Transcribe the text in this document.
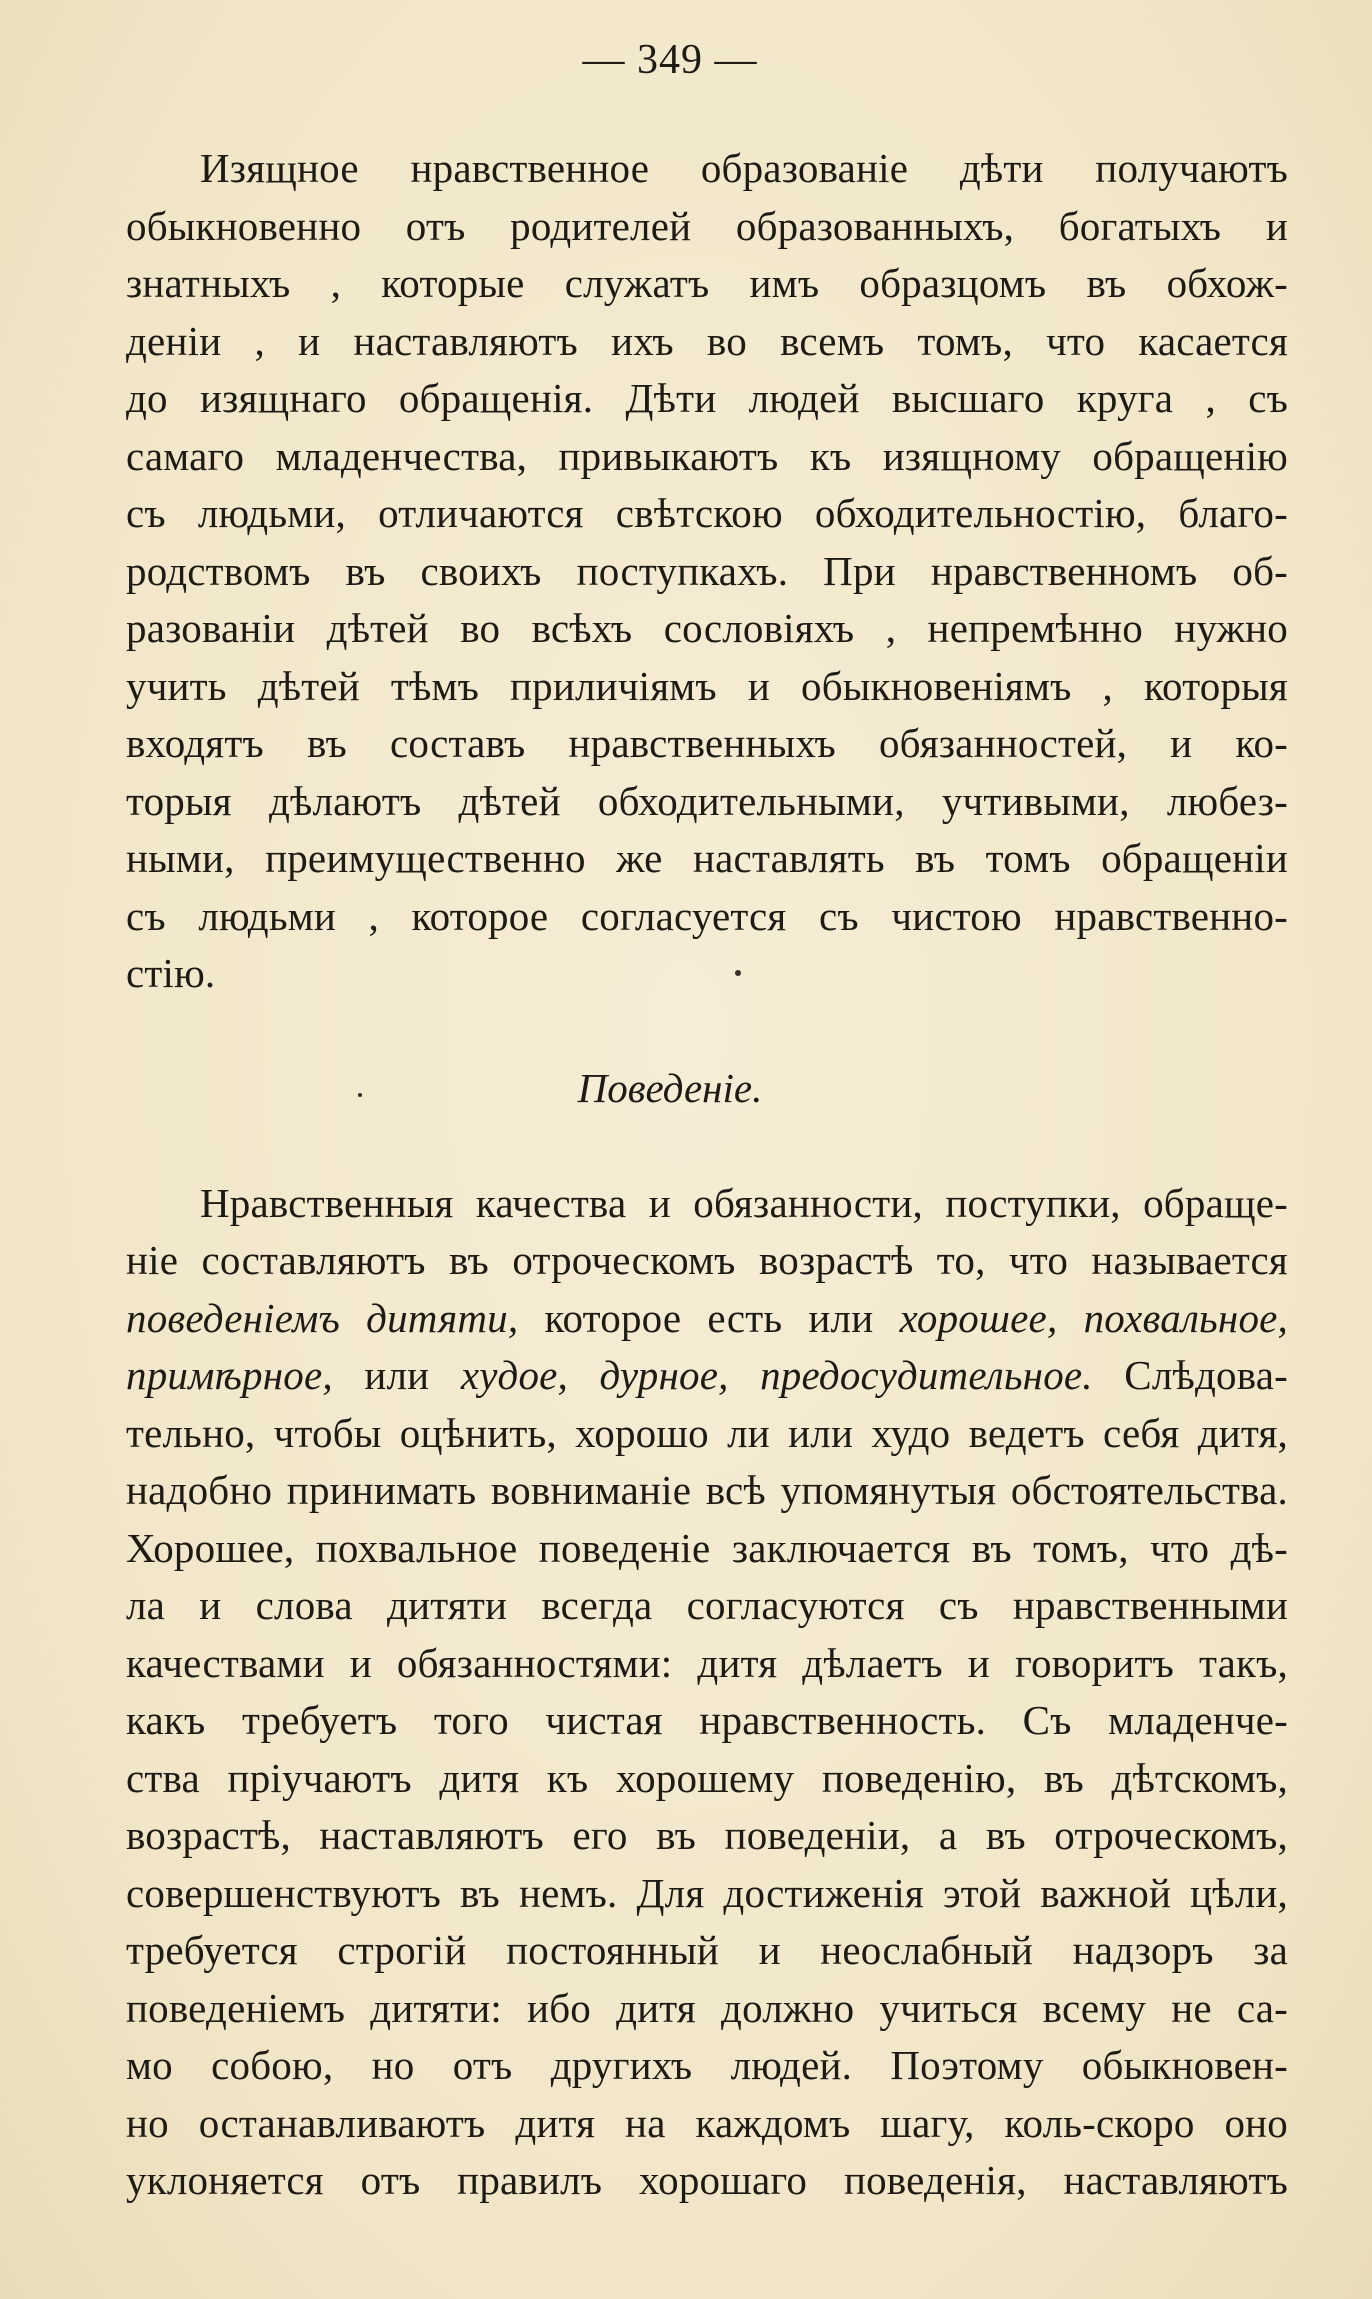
— 349 —
Изящное нравственное образованіе дѣти получаютъ
обыкновенно отъ родителей образованныхъ, богатыхъ и
знатныхъ , которые служатъ имъ образцомъ въ обхож-
деніи , и наставляютъ ихъ во всемъ томъ, что касается
до изящнаго обращенія. Дѣти людей высшаго круга , съ
самаго младенчества, привыкаютъ къ изящному обращенію
съ людьми, отличаются свѣтскою обходительностію, благо-
родствомъ въ своихъ поступкахъ. При нравственномъ об-
разованіи дѣтей во всѣхъ сословіяхъ , непремѣнно нужно
учить дѣтей тѣмъ приличіямъ и обыкновеніямъ , которыя
входятъ въ составъ нравственныхъ обязанностей, и ко-
торыя дѣлаютъ дѣтей обходительными, учтивыми, любез-
ными, преимущественно же наставлять въ томъ обращеніи
съ людьми , которое согласуется съ чистою нравственно-
стію.
Поведеніе.
Нравственныя качества и обязанности, поступки, обраще-
ніе составляютъ въ отроческомъ возрастѣ то, что называется
поведеніемъ дитяти, которое есть или хорошее, похвальное,
примѣрное, или худое, дурное, предосудительное. Слѣдова-
тельно, чтобы оцѣнить, хорошо ли или худо ведетъ себя дитя,
надобно принимать вовниманіе всѣ упомянутыя обстоятельства.
Хорошее, похвальное поведеніе заключается въ томъ, что дѣ-
ла и слова дитяти всегда согласуются съ нравственными
качествами и обязанностями: дитя дѣлаетъ и говоритъ такъ,
какъ требуетъ того чистая нравственность. Съ младенче-
ства пріучаютъ дитя къ хорошему поведенію, въ дѣтскомъ,
возрастѣ, наставляютъ его въ поведеніи, а въ отроческомъ,
совершенствуютъ въ немъ. Для достиженія этой важной цѣли,
требуется строгій постоянный и неослабный надзоръ за
поведеніемъ дитяти: ибо дитя должно учиться всему не са-
мо собою, но отъ другихъ людей. Поэтому обыкновен-
но останавливаютъ дитя на каждомъ шагу, коль-скоро оно
уклоняется отъ правилъ хорошаго поведенія, наставляютъ
